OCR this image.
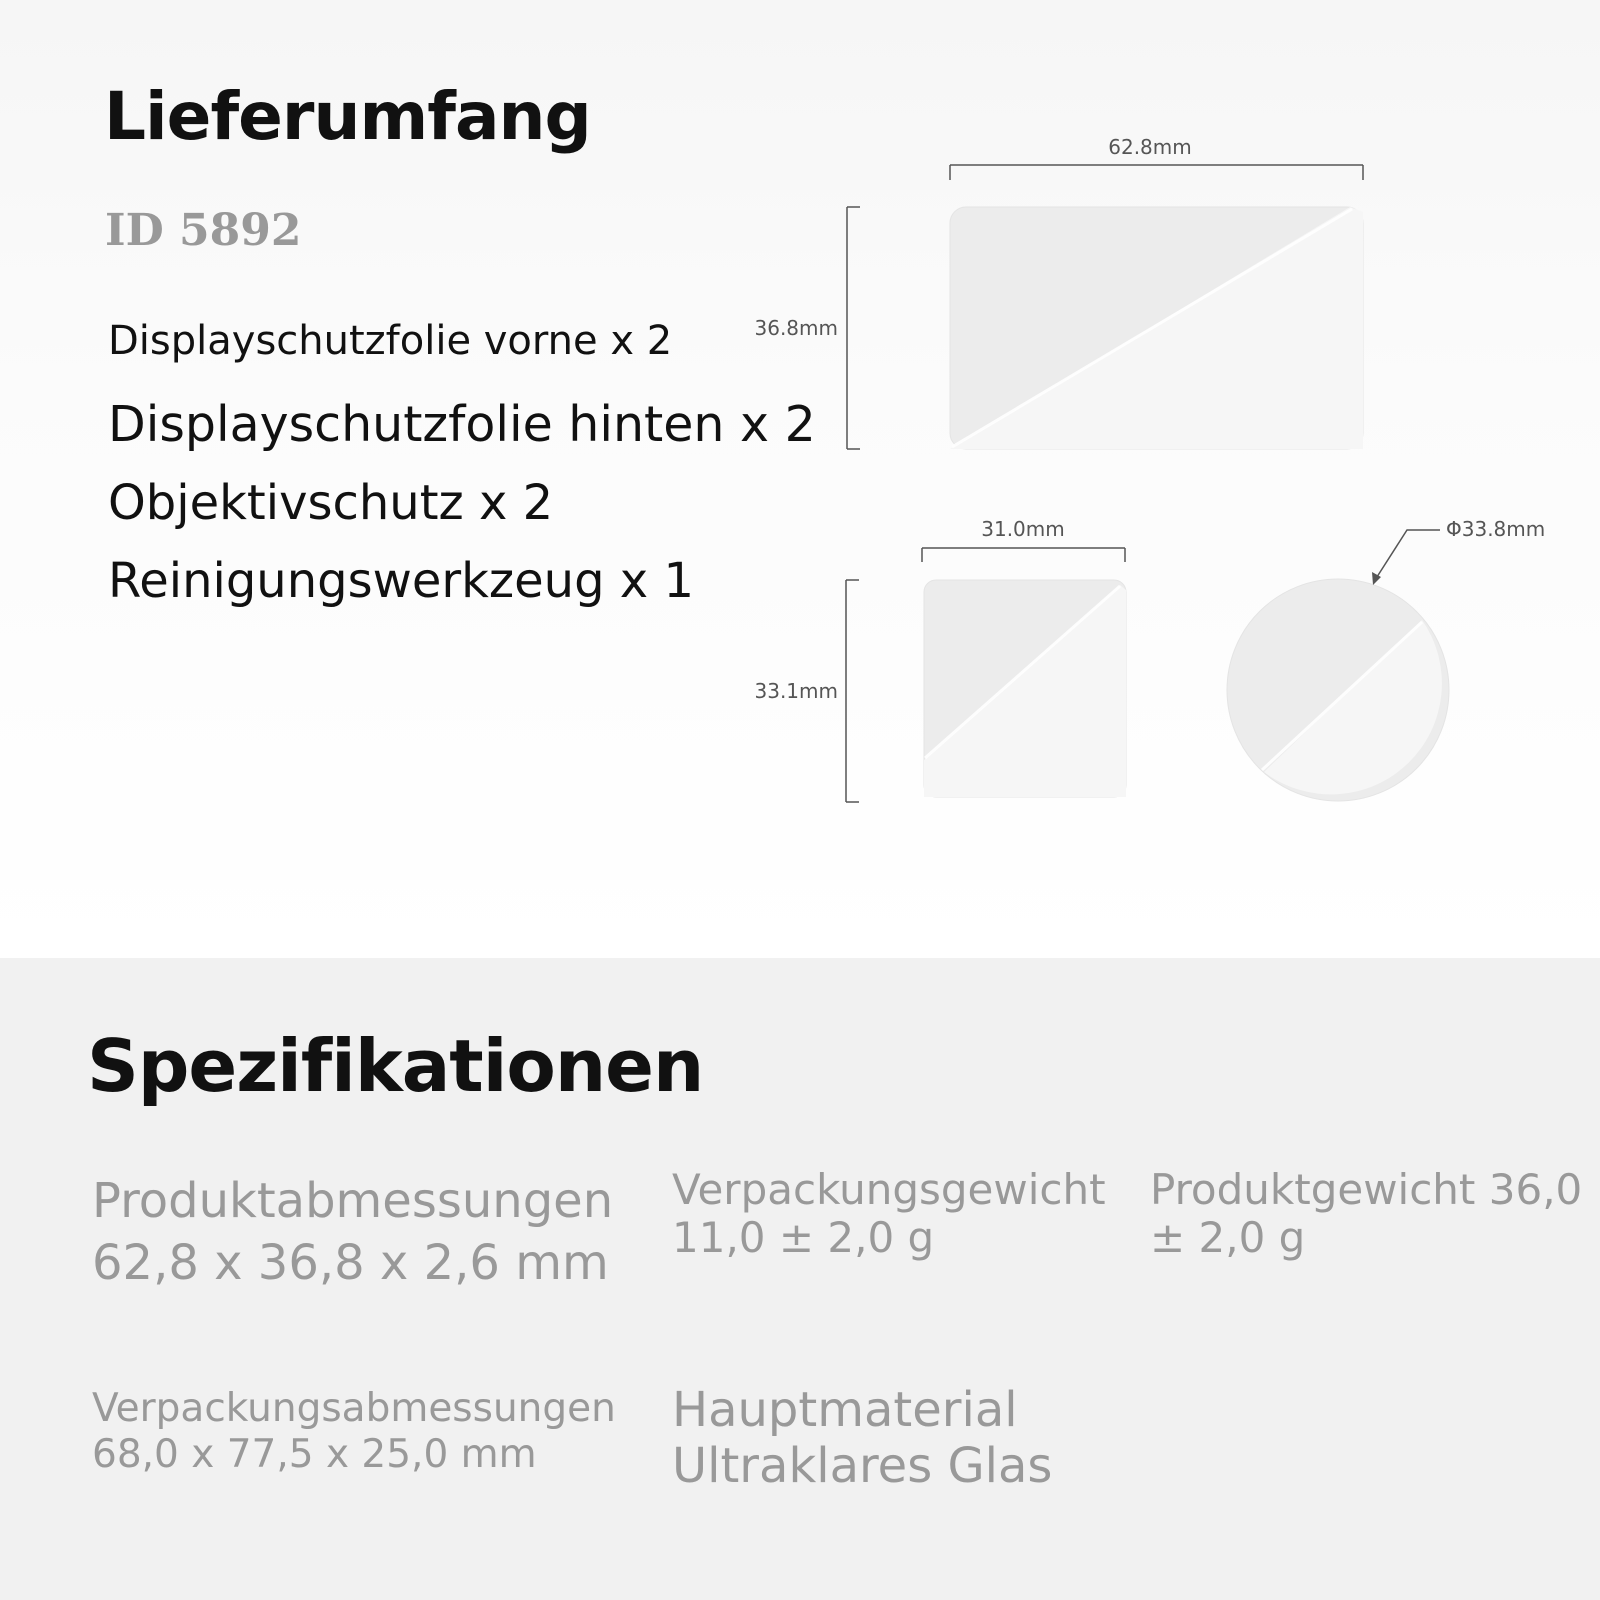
Lieferumfang

ID 5892

Displayschutzfolie vorne x 2

Displayschutzfolie hinten x 2

Objektivschutz x 2

Reinigungswerkzeug x 1

62.8mm
36.8mm
31.0mm
33.1mm
Φ33.8mm
Spezifikationen
Produktabmessungen
62,8 x 36,8 x 2,6 mm
Verpackungsgewicht
11,0 ± 2,0 g
Produktgewicht 36,0
± 2,0 g
Verpackungsabmessungen
68,0 x 77,5 x 25,0 mm
Hauptmaterial
Ultraklares Glas
